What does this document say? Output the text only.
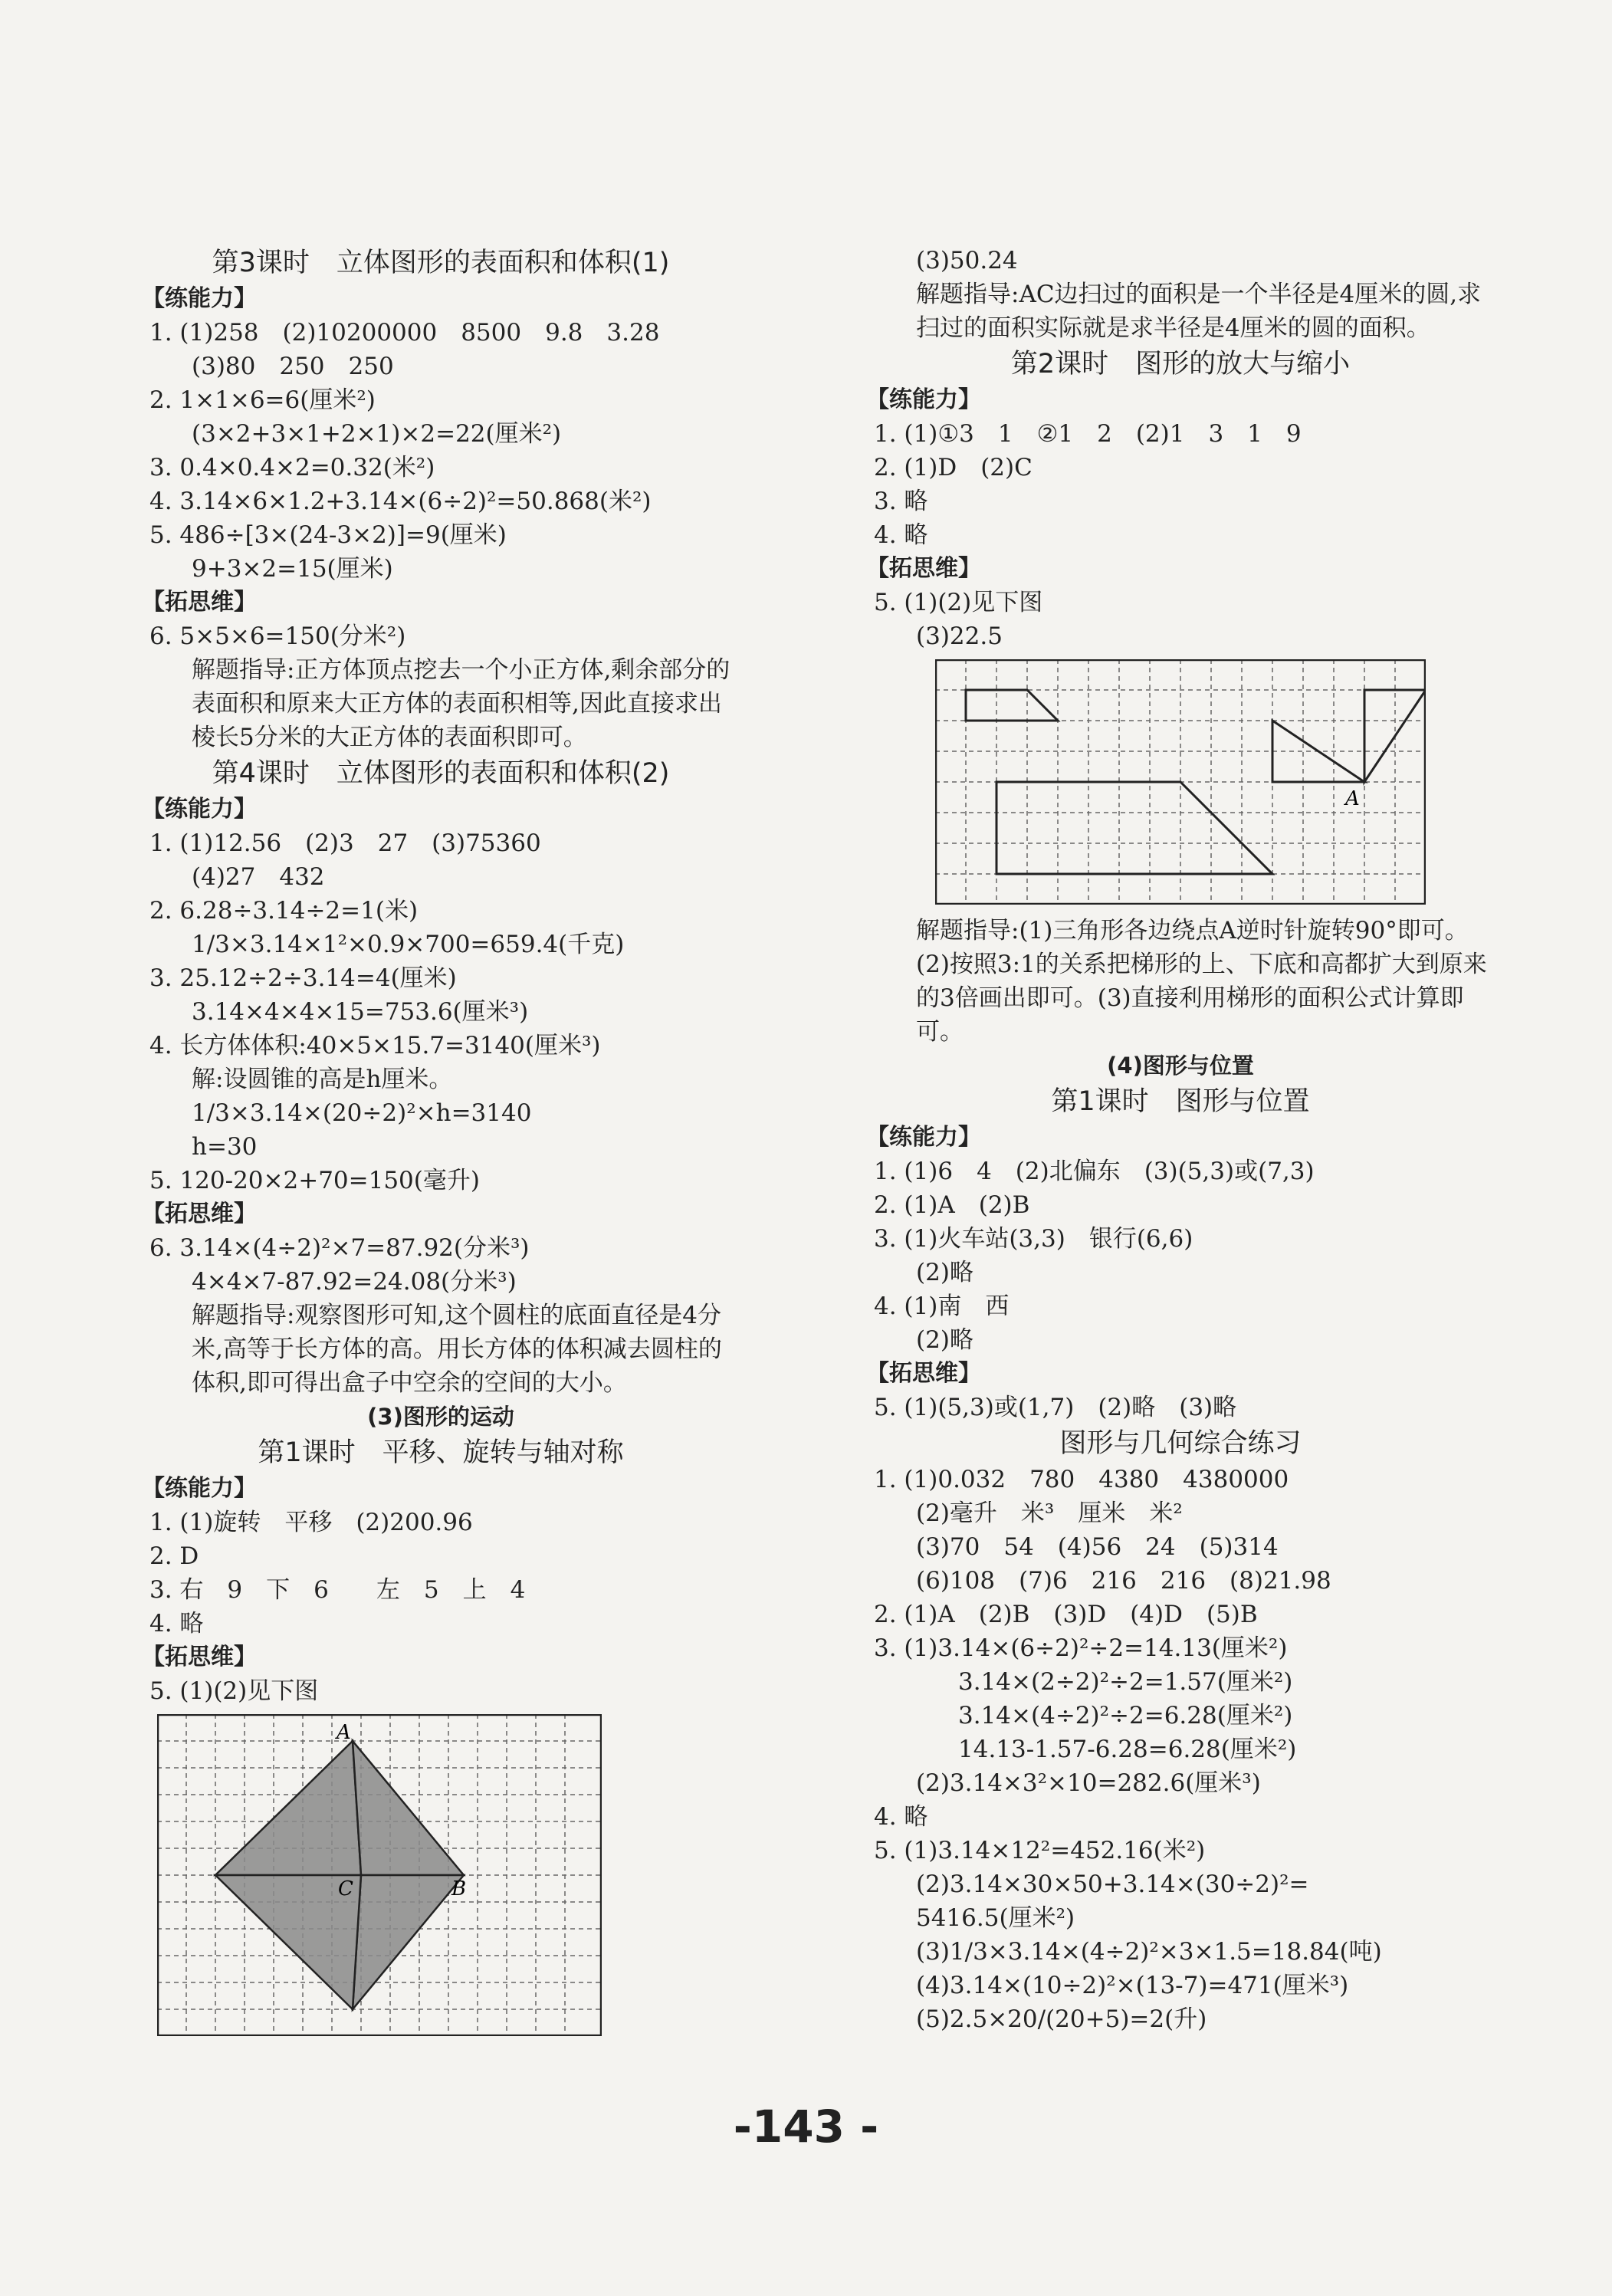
第3课时　立体图形的表面积和体积(1)
【练能力】
1. (1)258　(2)10200000　8500　9.8　3.28
(3)80　250　250
2. 1×1×6=6(厘米²)
(3×2+3×1+2×1)×2=22(厘米²)
3. 0.4×0.4×2=0.32(米²)
4. 3.14×6×1.2+3.14×(6÷2)²=50.868(米²)
5. 486÷[3×(24-3×2)]=9(厘米)
9+3×2=15(厘米)
【拓思维】
6. 5×5×6=150(分米²)
解题指导:正方体顶点挖去一个小正方体,剩余部分的表面积和原来大正方体的表面积相等,因此直接求出棱长5分米的大正方体的表面积即可。
第4课时　立体图形的表面积和体积(2)
【练能力】
1. (1)12.56　(2)3　27　(3)75360
(4)27　432
2. 6.28÷3.14÷2=1(米)
1/3×3.14×1²×0.9×700=659.4(千克)
3. 25.12÷2÷3.14=4(厘米)
3.14×4×4×15=753.6(厘米³)
4. 长方体体积:40×5×15.7=3140(厘米³)
解:设圆锥的高是h厘米。
1/3×3.14×(20÷2)²×h=3140
h=30
5. 120-20×2+70=150(毫升)
【拓思维】
6. 3.14×(4÷2)²×7=87.92(分米³)
4×4×7-87.92=24.08(分米³)
解题指导:观察图形可知,这个圆柱的底面直径是4分米,高等于长方体的高。用长方体的体积减去圆柱的体积,即可得出盒子中空余的空间的大小。
(3)图形的运动
第1课时　平移、旋转与轴对称
【练能力】
1. (1)旋转　平移　(2)200.96
2. D
3. 右　9　下　6　　左　5　上　4
4. 略
【拓思维】
5. (1)(2)见下图
A
B
C
(3)50.24
解题指导:AC边扫过的面积是一个半径是4厘米的圆,求扫过的面积实际就是求半径是4厘米的圆的面积。
第2课时　图形的放大与缩小
【练能力】
1. (1)①3　1　②1　2　(2)1　3　1　9
2. (1)D　(2)C
3. 略
4. 略
【拓思维】
5. (1)(2)见下图
(3)22.5
A
解题指导:(1)三角形各边绕点A逆时针旋转90°即可。(2)按照3:1的关系把梯形的上、下底和高都扩大到原来的3倍画出即可。(3)直接利用梯形的面积公式计算即可。
(4)图形与位置
第1课时　图形与位置
【练能力】
1. (1)6　4　(2)北偏东　(3)(5,3)或(7,3)
2. (1)A　(2)B
3. (1)火车站(3,3)　银行(6,6)
(2)略
4. (1)南　西
(2)略
【拓思维】
5. (1)(5,3)或(1,7)　(2)略　(3)略
图形与几何综合练习
1. (1)0.032　780　4380　4380000
(2)毫升　米³　厘米　米²
(3)70　54　(4)56　24　(5)314
(6)108　(7)6　216　216　(8)21.98
2. (1)A　(2)B　(3)D　(4)D　(5)B
3. (1)3.14×(6÷2)²÷2=14.13(厘米²)
3.14×(2÷2)²÷2=1.57(厘米²)
3.14×(4÷2)²÷2=6.28(厘米²)
14.13-1.57-6.28=6.28(厘米²)
(2)3.14×3²×10=282.6(厘米³)
4. 略
5. (1)3.14×12²=452.16(米²)
(2)3.14×30×50+3.14×(30÷2)²=
5416.5(厘米²)
(3)1/3×3.14×(4÷2)²×3×1.5=18.84(吨)
(4)3.14×(10÷2)²×(13-7)=471(厘米³)
(5)2.5×20/(20+5)=2(升)
-143 -
